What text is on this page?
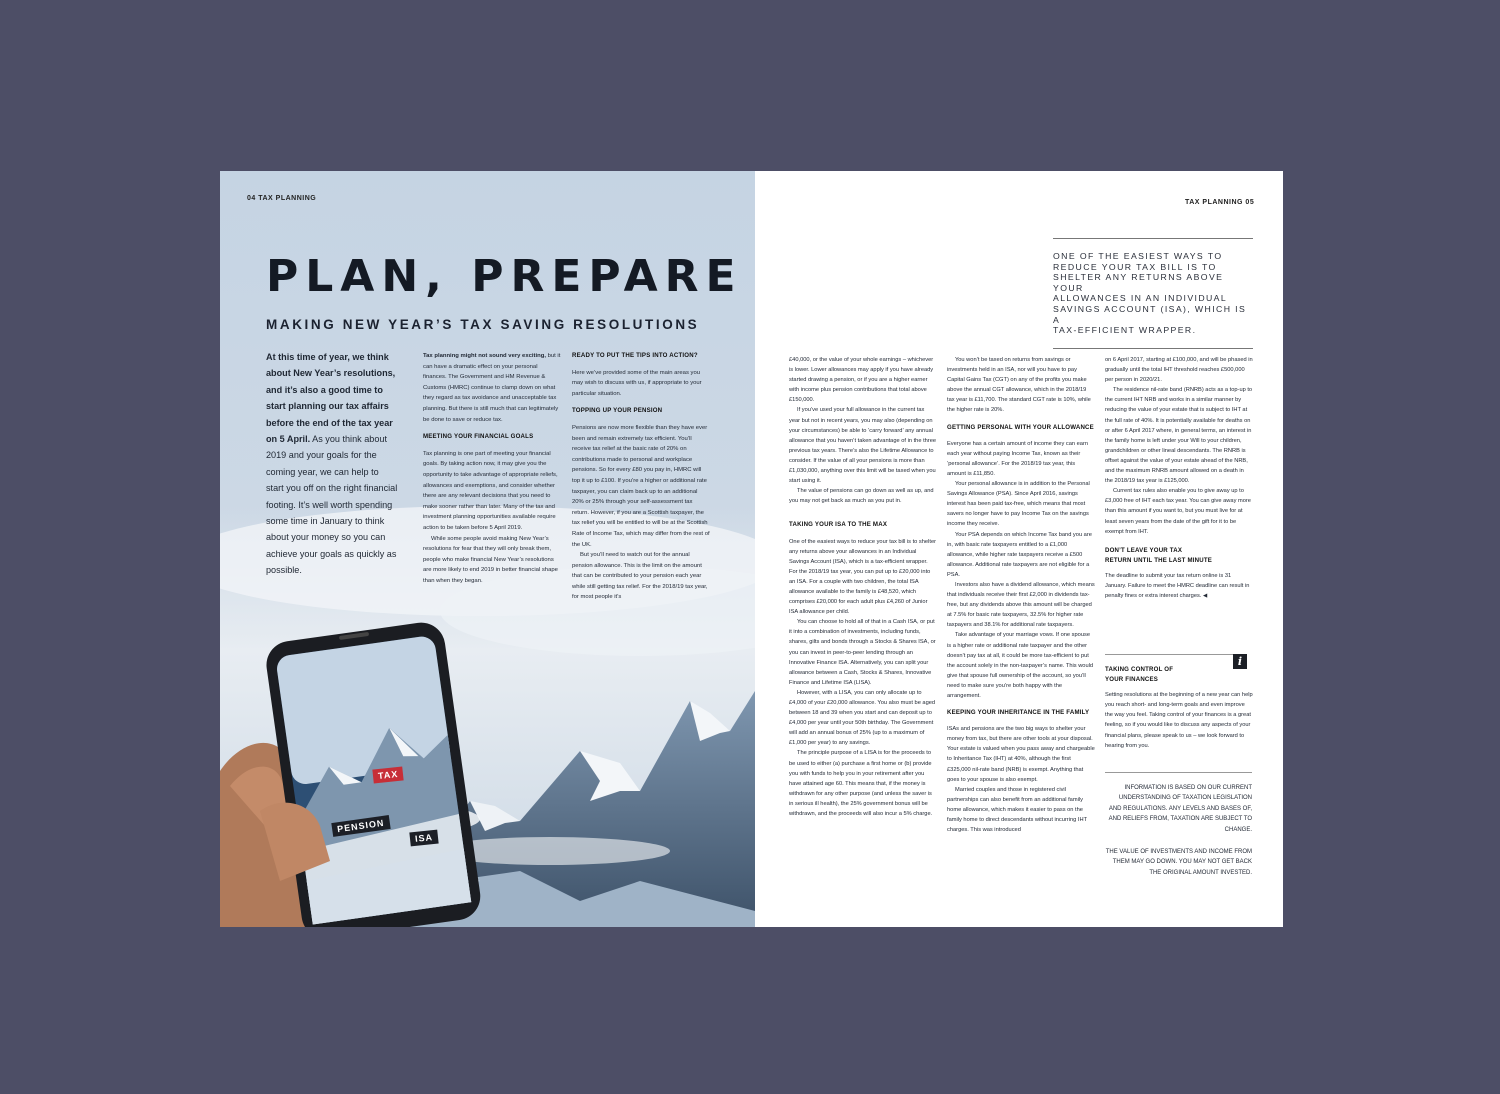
04 TAX PLANNING
PLAN, PREPARE
MAKING NEW YEAR’S TAX SAVING RESOLUTIONS
At this time of year, we think about New Year’s resolutions, and it’s also a good time to start planning our tax affairs before the end of the tax year on 5 April. As you think about 2019 and your goals for the coming year, we can help to start you off on the right financial footing. It’s well worth spending some time in January to think about your money so you can achieve your goals as quickly as possible.

Tax planning might not sound very exciting, but it can have a dramatic effect on your personal finances. The Government and HM Revenue & Customs (HMRC) continue to clamp down on what they regard as tax avoidance and unacceptable tax planning. But there is still much that can legitimately be done to save or reduce tax.

MEETING YOUR FINANCIAL GOALS

Tax planning is one part of meeting your financial goals. By taking action now, it may give you the opportunity to take advantage of appropriate reliefs, allowances and exemptions, and consider whether there are any relevant decisions that you need to make sooner rather than later. Many of the tax and investment planning opportunities available require action to be taken before 5 April 2019.

While some people avoid making New Year’s resolutions for fear that they will only break them, people who make financial New Year’s resolutions are more likely to end 2019 in better financial shape than when they began.

READY TO PUT THE TIPS INTO ACTION?

Here we’ve provided some of the main areas you may wish to discuss with us, if appropriate to your particular situation.

TOPPING UP YOUR PENSION

Pensions are now more flexible than they have ever been and remain extremely tax efficient. You’ll receive tax relief at the basic rate of 20% on contributions made to personal and workplace pensions. So for every £80 you pay in, HMRC will top it up to £100. If you’re a higher or additional rate taxpayer, you can claim back up to an additional 20% or 25% through your self-assessment tax return. However, if you are a Scottish taxpayer, the tax relief you will be entitled to will be at the Scottish Rate of Income Tax, which may differ from the rest of the UK.

But you’ll need to watch out for the annual pension allowance. This is the limit on the amount that can be contributed to your pension each year while still getting tax relief. For the 2018/19 tax year, for most people it’s

TAX
PENSION
ISA
TAX PLANNING 05
ONE OF THE EASIEST WAYS TO
REDUCE YOUR TAX BILL IS TO
SHELTER ANY RETURNS ABOVE YOUR
ALLOWANCES IN AN INDIVIDUAL
SAVINGS ACCOUNT (ISA), WHICH IS A
TAX-EFFICIENT WRAPPER.

£40,000, or the value of your whole earnings – whichever is lower. Lower allowances may apply if you have already started drawing a pension, or if you are a higher earner with income plus pension contributions that total above £150,000.

If you’ve used your full allowance in the current tax year but not in recent years, you may also (depending on your circumstances) be able to ‘carry forward’ any annual allowance that you haven’t taken advantage of in the three previous tax years. There’s also the Lifetime Allowance to consider. If the value of all your pensions is more than £1,030,000, anything over this limit will be taxed when you start using it.

The value of pensions can go down as well as up, and you may not get back as much as you put in.

TAKING YOUR ISA TO THE MAX

One of the easiest ways to reduce your tax bill is to shelter any returns above your allowances in an Individual Savings Account (ISA), which is a tax-efficient wrapper. For the 2018/19 tax year, you can put up to £20,000 into an ISA. For a couple with two children, the total ISA allowance available to the family is £48,520, which comprises £20,000 for each adult plus £4,260 of Junior ISA allowance per child.

You can choose to hold all of that in a Cash ISA, or put it into a combination of investments, including funds, shares, gilts and bonds through a Stocks & Shares ISA, or you can invest in peer-to-peer lending through an Innovative Finance ISA. Alternatively, you can split your allowance between a Cash, Stocks & Shares, Innovative Finance and Lifetime ISA (LISA).

However, with a LISA, you can only allocate up to £4,000 of your £20,000 allowance. You also must be aged between 18 and 39 when you start and can deposit up to £4,000 per year until your 50th birthday. The Government will add an annual bonus of 25% (up to a maximum of £1,000 per year) to any savings.

The principle purpose of a LISA is for the proceeds to be used to either (a) purchase a first home or (b) provide you with funds to help you in your retirement after you have attained age 60. This means that, if the money is withdrawn for any other purpose (and unless the saver is in serious ill health), the 25% government bonus will be withdrawn, and the proceeds will also incur a 5% charge.

You won’t be taxed on returns from savings or investments held in an ISA, nor will you have to pay Capital Gains Tax (CGT) on any of the profits you make above the annual CGT allowance, which in the 2018/19 tax year is £11,700. The standard CGT rate is 10%, while the higher rate is 20%.

GETTING PERSONAL WITH YOUR ALLOWANCE

Everyone has a certain amount of income they can earn each year without paying Income Tax, known as their ‘personal allowance’. For the 2018/19 tax year, this amount is £11,850.

Your personal allowance is in addition to the Personal Savings Allowance (PSA). Since April 2016, savings interest has been paid tax-free, which means that most savers no longer have to pay Income Tax on the savings income they receive.

Your PSA depends on which Income Tax band you are in, with basic rate taxpayers entitled to a £1,000 allowance, while higher rate taxpayers receive a £500 allowance. Additional rate taxpayers are not eligible for a PSA.

Investors also have a dividend allowance, which means that individuals receive their first £2,000 in dividends tax-free, but any dividends above this amount will be charged at 7.5% for basic rate taxpayers, 32.5% for higher rate taxpayers and 38.1% for additional rate taxpayers.

Take advantage of your marriage vows. If one spouse is a higher rate or additional rate taxpayer and the other doesn’t pay tax at all, it could be more tax-efficient to put the account solely in the non-taxpayer’s name. This would give that spouse full ownership of the account, so you’ll need to make sure you’re both happy with the arrangement.

KEEPING YOUR INHERITANCE IN THE FAMILY

ISAs and pensions are the two big ways to shelter your money from tax, but there are other tools at your disposal. Your estate is valued when you pass away and chargeable to Inheritance Tax (IHT) at 40%, although the first £325,000 nil-rate band (NRB) is exempt. Anything that goes to your spouse is also exempt.

Married couples and those in registered civil partnerships can also benefit from an additional family home allowance, which makes it easier to pass on the family home to direct descendants without incurring IHT charges. This was introduced

on 6 April 2017, starting at £100,000, and will be phased in gradually until the total IHT threshold reaches £500,000 per person in 2020/21.

The residence nil-rate band (RNRB) acts as a top-up to the current IHT NRB and works in a similar manner by reducing the value of your estate that is subject to IHT at the full rate of 40%. It is potentially available for deaths on or after 6 April 2017 where, in general terms, an interest in the family home is left under your Will to your children, grandchildren or other lineal descendants. The RNRB is offset against the value of your estate ahead of the NRB, and the maximum RNRB amount allowed on a death in the 2018/19 tax year is £125,000.

Current tax rules also enable you to give away up to £3,000 free of IHT each tax year. You can give away more than this amount if you want to, but you must live for at least seven years from the date of the gift for it to be exempt from IHT.

DON’T LEAVE YOUR TAX
RETURN UNTIL THE LAST MINUTE

The deadline to submit your tax return online is 31 January. Failure to meet the HMRC deadline can result in penalty fines or extra interest charges. ◀

i
TAKING CONTROL OF
YOUR FINANCES

Setting resolutions at the beginning of a new year can help you reach short- and long-term goals and even improve the way you feel. Taking control of your finances is a great feeling, so if you would like to discuss any aspects of your financial plans, please speak to us – we look forward to hearing from you.

INFORMATION IS BASED ON OUR CURRENT UNDERSTANDING OF TAXATION LEGISLATION AND REGULATIONS. ANY LEVELS AND BASES OF, AND RELIEFS FROM, TAXATION ARE SUBJECT TO CHANGE.
THE VALUE OF INVESTMENTS AND INCOME FROM THEM MAY GO DOWN. YOU MAY NOT GET BACK THE ORIGINAL AMOUNT INVESTED.
